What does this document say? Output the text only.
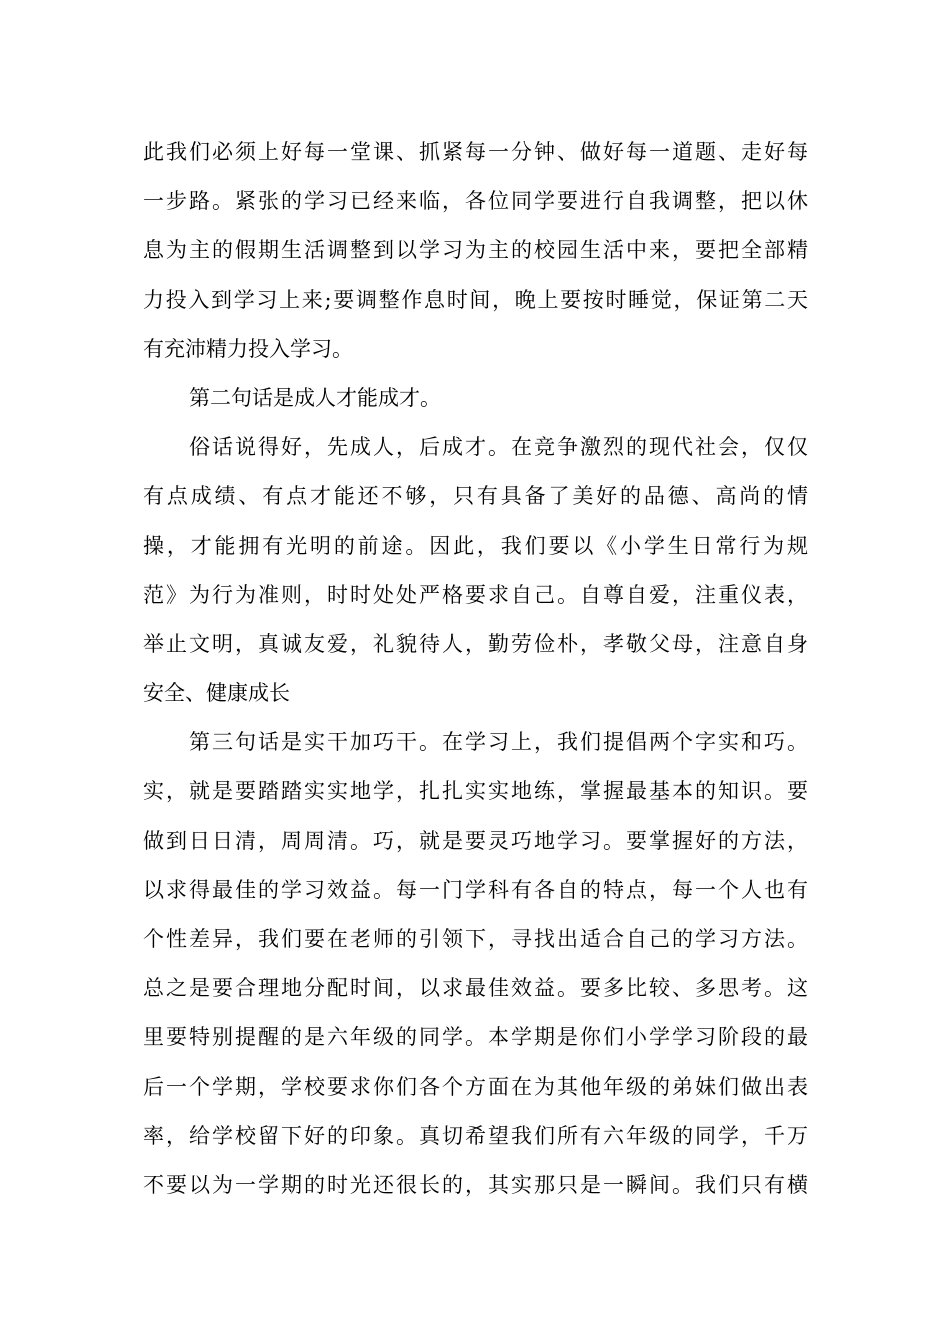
此我们必须上好每一堂课、抓紧每一分钟、做好每一道题、走好每
一步路。紧张的学习已经来临，各位同学要进行自我调整，把以休
息为主的假期生活调整到以学习为主的校园生活中来，要把全部精
力投入到学习上来;要调整作息时间，晚上要按时睡觉，保证第二天
有充沛精力投入学习。
第二句话是成人才能成才。
俗话说得好，先成人，后成才。在竞争激烈的现代社会，仅仅
有点成绩、有点才能还不够，只有具备了美好的品德、高尚的情
操，才能拥有光明的前途。因此，我们要以《小学生日常行为规
范》为行为准则，时时处处严格要求自己。自尊自爱，注重仪表，
举止文明，真诚友爱，礼貌待人，勤劳俭朴，孝敬父母，注意自身
安全、健康成长
第三句话是实干加巧干。在学习上，我们提倡两个字实和巧。
实，就是要踏踏实实地学，扎扎实实地练，掌握最基本的知识。要
做到日日清，周周清。巧，就是要灵巧地学习。要掌握好的方法，
以求得最佳的学习效益。每一门学科有各自的特点，每一个人也有
个性差异，我们要在老师的引领下，寻找出适合自己的学习方法。
总之是要合理地分配时间，以求最佳效益。要多比较、多思考。这
里要特别提醒的是六年级的同学。本学期是你们小学学习阶段的最
后一个学期，学校要求你们各个方面在为其他年级的弟妹们做出表
率，给学校留下好的印象。真切希望我们所有六年级的同学，千万
不要以为一学期的时光还很长的，其实那只是一瞬间。我们只有横
